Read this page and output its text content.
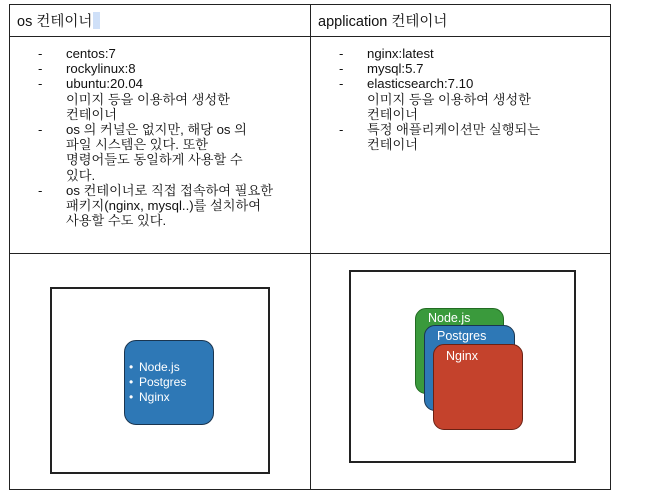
os 컨테이너	application 컨테이너
- centos:7
- rockylinux:8
- ubuntu:20.04
이미지 등을 이용하여 생성한
컨테이너
- os 의 커널은 없지만, 해당 os 의
파일 시스템은 있다. 또한
명령어들도 동일하게 사용할 수
있다.
- os 컨테이너로 직접 접속하여 필요한
패키지(nginx, mysql..)를 설치하여
사용할 수도 있다.
- nginx:latest
- mysql:5.7
- elasticsearch:7.10
이미지 등을 이용하여 생성한
컨테이너
- 특정 애플리케이션만 실행되는
컨테이너
• Node.js
• Postgres
• Nginx
Node.js
Postgres
Nginx
